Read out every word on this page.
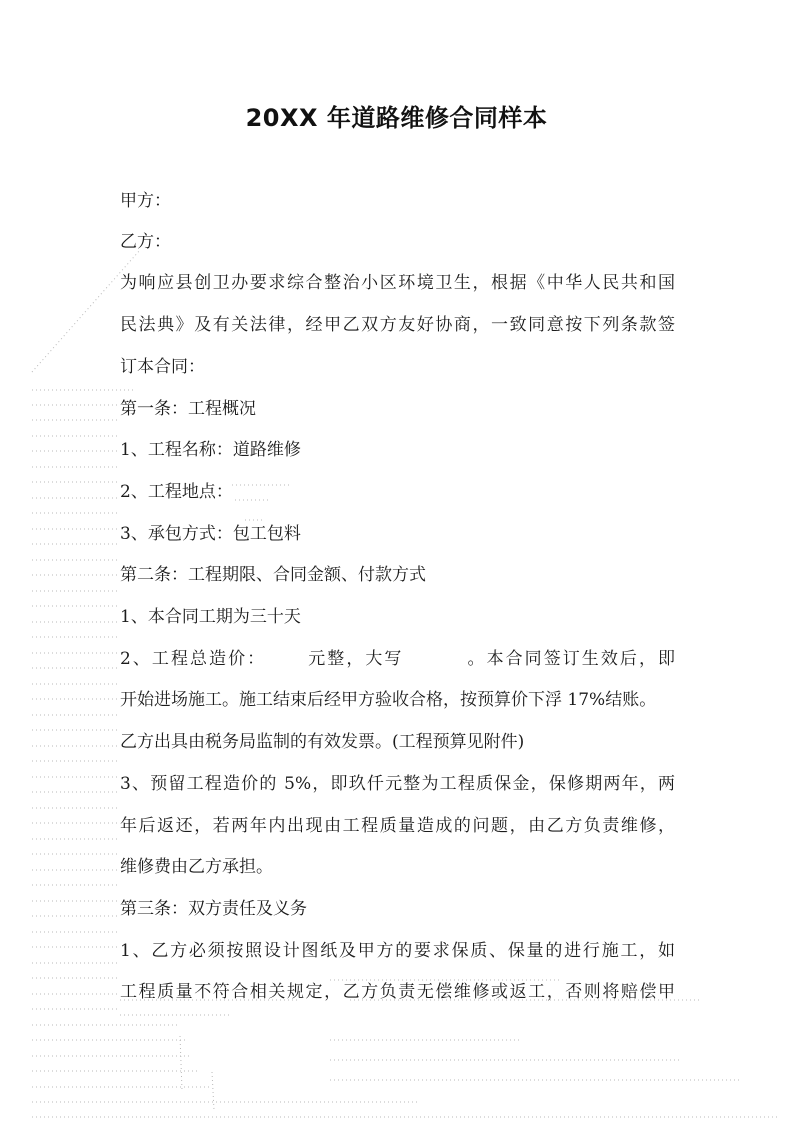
20XX 年道路维修合同样本
甲方：
乙方：
为响应县创卫办要求综合整治小区环境卫生，根据《中华人民共和国
民法典》及有关法律，经甲乙双方友好协商，一致同意按下列条款签
订本合同：
第一条：工程概况
1、工程名称：道路维修
2、工程地点：
3、承包方式：包工包料
第二条：工程期限、合同金额、付款方式
1、本合同工期为三十天
2、工程总造价： 元整，大写	。本合同签订生效后，即
开始进场施工。施工结束后经甲方验收合格，按预算价下浮 17%结账。
乙方出具由税务局监制的有效发票。(工程预算见附件)
3、预留工程造价的 5%，即玖仟元整为工程质保金，保修期两年，两
年后返还，若两年内出现由工程质量造成的问题，由乙方负责维修，
维修费由乙方承担。
第三条：双方责任及义务
1、乙方必须按照设计图纸及甲方的要求保质、保量的进行施工，如
工程质量不符合相关规定，乙方负责无偿维修或返工，否则将赔偿甲
